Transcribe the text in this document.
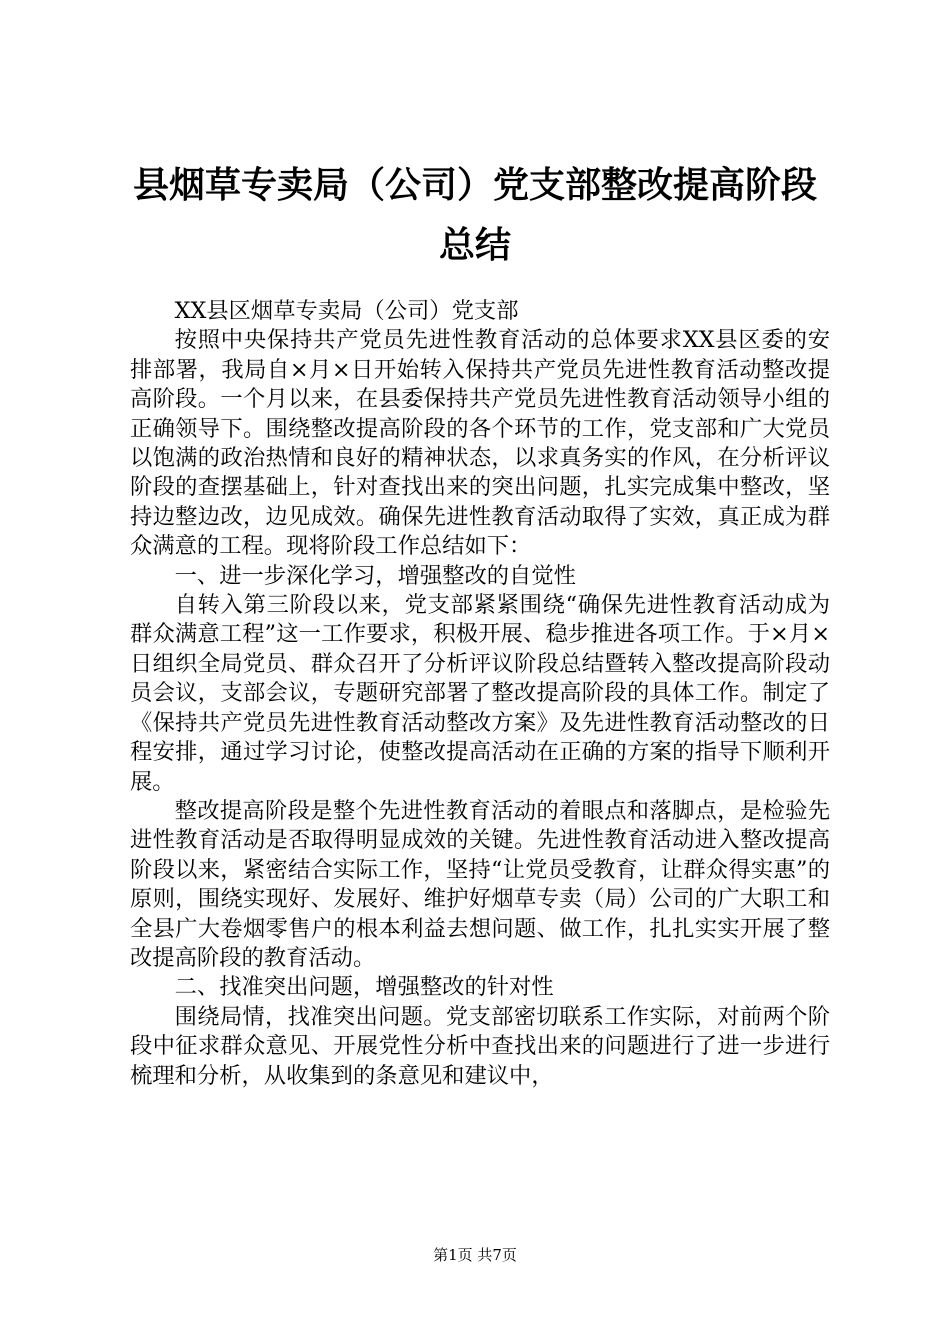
县烟草专卖局（公司）党支部整改提高阶段总结

XX县区烟草专卖局（公司）党支部

按照中央保持共产党员先进性教育活动的总体要求XX县区委的安排部署，我局自×月×日开始转入保持共产党员先进性教育活动整改提高阶段。一个月以来，在县委保持共产党员先进性教育活动领导小组的正确领导下。围绕整改提高阶段的各个环节的工作，党支部和广大党员以饱满的政治热情和良好的精神状态，以求真务实的作风，在分析评议阶段的查摆基础上，针对查找出来的突出问题，扎实完成集中整改，坚持边整边改，边见成效。确保先进性教育活动取得了实效，真正成为群众满意的工程。现将阶段工作总结如下：

一、进一步深化学习，增强整改的自觉性

自转入第三阶段以来，党支部紧紧围绕“确保先进性教育活动成为群众满意工程”这一工作要求，积极开展、稳步推进各项工作。于×月×日组织全局党员、群众召开了分析评议阶段总结暨转入整改提高阶段动员会议，支部会议，专题研究部署了整改提高阶段的具体工作。制定了《保持共产党员先进性教育活动整改方案》及先进性教育活动整改的日程安排，通过学习讨论，使整改提高活动在正确的方案的指导下顺利开展。

整改提高阶段是整个先进性教育活动的着眼点和落脚点，是检验先进性教育活动是否取得明显成效的关键。先进性教育活动进入整改提高阶段以来，紧密结合实际工作，坚持“让党员受教育，让群众得实惠”的原则，围绕实现好、发展好、维护好烟草专卖（局）公司的广大职工和全县广大卷烟零售户的根本利益去想问题、做工作，扎扎实实开展了整改提高阶段的教育活动。

二、找准突出问题，增强整改的针对性

围绕局情，找准突出问题。党支部密切联系工作实际，对前两个阶段中征求群众意见、开展党性分析中查找出来的问题进行了进一步进行梳理和分析，从收集到的条意见和建议中，

第1页 共7页
